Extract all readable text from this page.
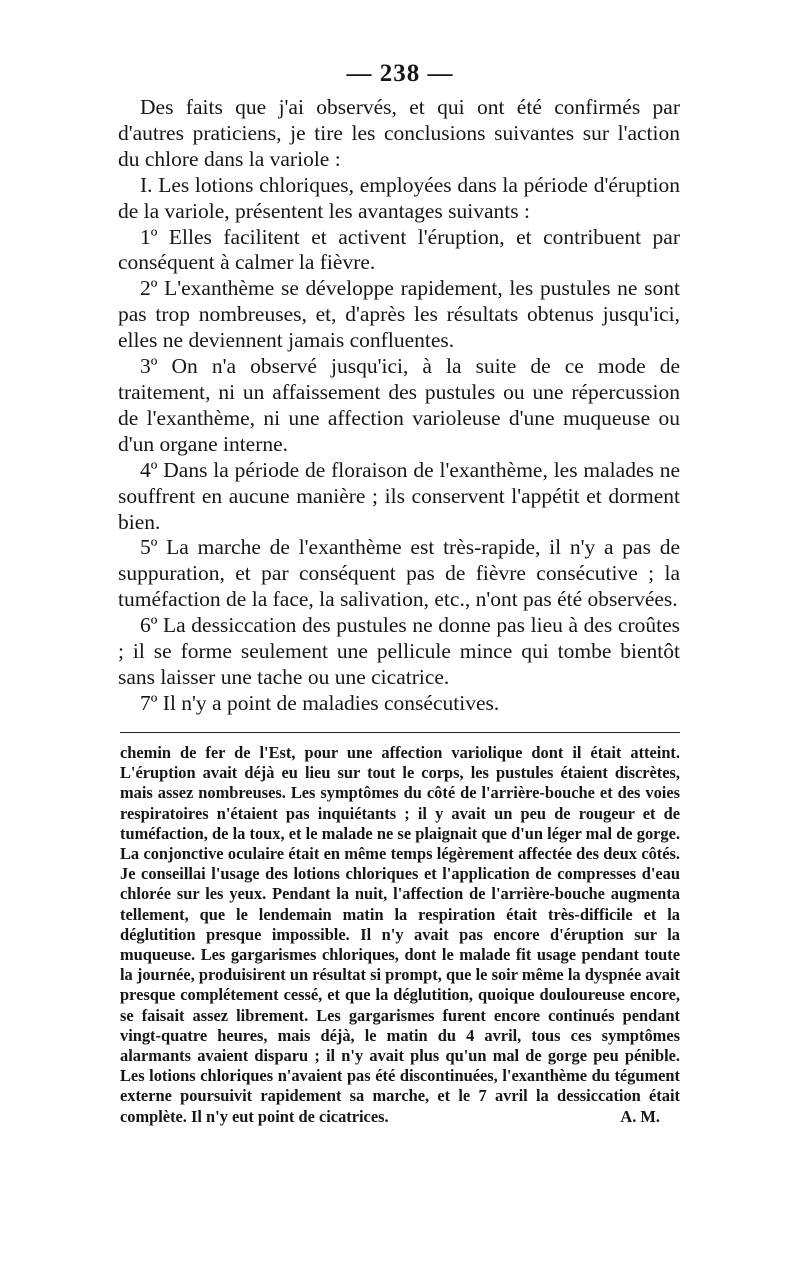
— 238 —

Des faits que j'ai observés, et qui ont été confirmés par d'autres praticiens, je tire les conclusions suivantes sur l'action du chlore dans la variole :

I. Les lotions chloriques, employées dans la période d'éruption de la variole, présentent les avantages suivants :

1º Elles facilitent et activent l'éruption, et contribuent par conséquent à calmer la fièvre.

2º L'exanthème se développe rapidement, les pustules ne sont pas trop nombreuses, et, d'après les résultats obtenus jusqu'ici, elles ne deviennent jamais confluentes.

3º On n'a observé jusqu'ici, à la suite de ce mode de traitement, ni un affaissement des pustules ou une répercussion de l'exanthème, ni une affection varioleuse d'une muqueuse ou d'un organe interne.

4º Dans la période de floraison de l'exanthème, les malades ne souffrent en aucune manière ; ils conservent l'appétit et dorment bien.

5º La marche de l'exanthème est très-rapide, il n'y a pas de suppuration, et par conséquent pas de fièvre consécutive ; la tuméfaction de la face, la salivation, etc., n'ont pas été observées.

6º La dessiccation des pustules ne donne pas lieu à des croûtes ; il se forme seulement une pellicule mince qui tombe bientôt sans laisser une tache ou une cicatrice.

7º Il n'y a point de maladies consécutives.

chemin de fer de l'Est, pour une affection variolique dont il était atteint. L'éruption avait déjà eu lieu sur tout le corps, les pustules étaient discrètes, mais assez nombreuses. Les symptômes du côté de l'arrière-bouche et des voies respiratoires n'étaient pas inquiétants ; il y avait un peu de rougeur et de tuméfaction, de la toux, et le malade ne se plaignait que d'un léger mal de gorge. La conjonctive oculaire était en même temps légèrement affectée des deux côtés. Je conseillai l'usage des lotions chloriques et l'application de compresses d'eau chlorée sur les yeux. Pendant la nuit, l'affection de l'arrière-bouche augmenta tellement, que le lendemain matin la respiration était très-difficile et la déglutition presque impossible. Il n'y avait pas encore d'éruption sur la muqueuse. Les gargarismes chloriques, dont le malade fit usage pendant toute la journée, produisirent un résultat si prompt, que le soir même la dyspnée avait presque complétement cessé, et que la déglutition, quoique douloureuse encore, se faisait assez librement. Les gargarismes furent encore continués pendant vingt-quatre heures, mais déjà, le matin du 4 avril, tous ces symptômes alarmants avaient disparu ; il n'y avait plus qu'un mal de gorge peu pénible. Les lotions chloriques n'avaient pas été discontinuées, l'exanthème du tégument externe poursuivit rapidement sa marche, et le 7 avril la dessiccation était complète. Il n'y eut point de cicatrices.	A. M.
